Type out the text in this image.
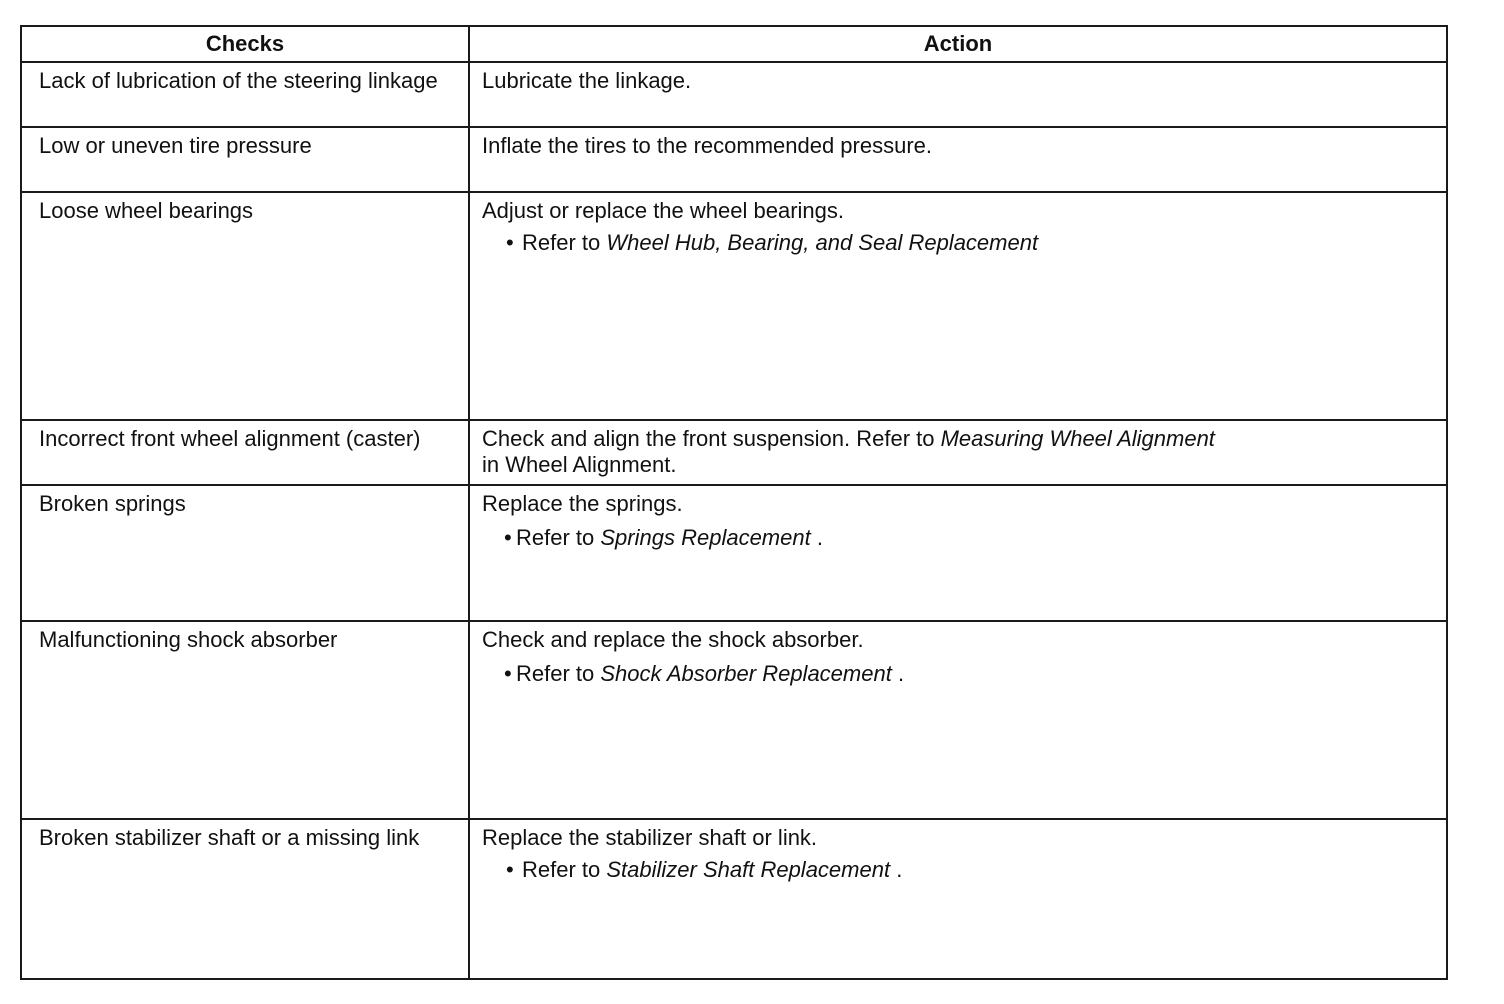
Checks	Action

Lack of lubrication of the steering linkage	Lubricate the linkage.

Low or uneven tire pressure	Inflate the tires to the recommended pressure.

Loose wheel bearings	Adjust or replace the wheel bearings.
• Refer to Wheel Hub, Bearing, and Seal Replacement

Incorrect front wheel alignment (caster)	Check and align the front suspension. Refer to Measuring Wheel Alignment
in Wheel Alignment.

Broken springs	Replace the springs.
• Refer to Springs Replacement .

Malfunctioning shock absorber	Check and replace the shock absorber.
• Refer to Shock Absorber Replacement .

Broken stabilizer shaft or a missing link	Replace the stabilizer shaft or link.
• Refer to Stabilizer Shaft Replacement .
